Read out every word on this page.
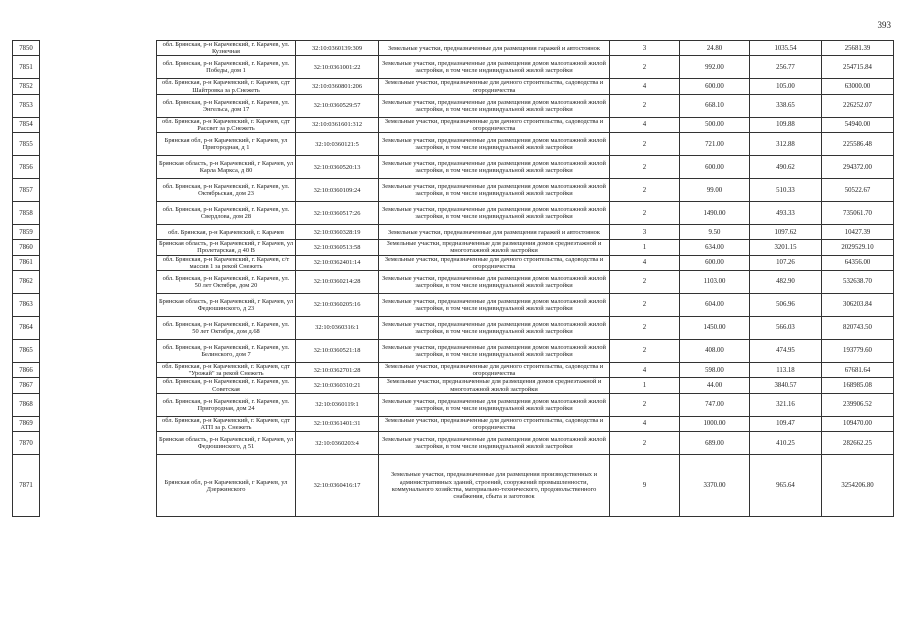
393
7850		обл. Брянская, р-н Карачевский, г. Карачев, ул. Кузнечная	32:10:0360139:309	Земельные участки, предназначенные для размещения гаражей и автостоянок	3	24.80	1035.54	25681.39
7851		обл. Брянская, р-н Карачевский, г. Карачев, ул. Победы, дом 1	32:10:0361001:22	Земельные участки, предназначенные для размещения домов малоэтажной жилой застройки, в том числе индивидуальной жилой застройки	2	992.00	256.77	254715.84
7852		обл. Брянская, р-н Карачевский, г. Карачев, сдт Шайтровка за р.Снежеть	32:10:0360801:206	Земельные участки, предназначенные для дачного строительства, садоводства и огородничества	4	600.00	105.00	63000.00
7853		обл. Брянская, р-н Карачевский, г. Карачев, ул. Энгельса, дом 17	32:10:0360529:57	Земельные участки, предназначенные для размещения домов малоэтажной жилой застройки, в том числе индивидуальной жилой застройки	2	668.10	338.65	226252.07
7854		обл. Брянская, р-н Карачевский, г. Карачев, сдт Рассвет за р.Снежеть	32:10:0361601:312	Земельные участки, предназначенные для дачного строительства, садоводства и огородничества	4	500.00	109.88	54940.00
7855		Брянская обл, р-н Карачевский, г Карачев, ул Пригородная, д 1	32:10:0360121:5	Земельные участки, предназначенные для размещения домов малоэтажной жилой застройки, в том числе индивидуальной жилой застройки	2	721.00	312.88	225586.48
7856		Брянская область, р-н Карачевский, г Карачев, ул Карла Маркса, д 80	32:10:0360520:13	Земельные участки, предназначенные для размещения домов малоэтажной жилой застройки, в том числе индивидуальной жилой застройки	2	600.00	490.62	294372.00
7857		обл. Брянская, р-н Карачевский, г. Карачев, ул. Октябрьская, дом 23	32:10:0360109:24	Земельные участки, предназначенные для размещения домов малоэтажной жилой застройки, в том числе индивидуальной жилой застройки	2	99.00	510.33	50522.67
7858		обл. Брянская, р-н Карачевский, г. Карачев, ул. Свердлова, дом 28	32:10:0360517:26	Земельные участки, предназначенные для размещения домов малоэтажной жилой застройки, в том числе индивидуальной жилой застройки	2	1490.00	493.33	735061.70
7859		обл. Брянская, р-н Карачевский, г. Карачев	32:10:0360328:19	Земельные участки, предназначенные для размещения гаражей и автостоянок	3	9.50	1097.62	10427.39
7860		Брянская область, р-н Карачевский, г Карачев, ул Пролетарская, д 40 В	32:10:0360513:58	Земельные участки, предназначенные для размещения домов среднеэтажной и многоэтажной жилой застройки	1	634.00	3201.15	2029529.10
7861		обл. Брянская, р-н Карачевский, г. Карачев, с/т массив 1 за рекой Снежеть	32:10:0362401:14	Земельные участки, предназначенные для дачного строительства, садоводства и огородничества	4	600.00	107.26	64356.00
7862		обл. Брянская, р-н Карачевский, г. Карачев, ул. 50 лет Октября, дом 20	32:10:0360214:28	Земельные участки, предназначенные для размещения домов малоэтажной жилой застройки, в том числе индивидуальной жилой застройки	2	1103.00	482.90	532638.70
7863		Брянская область, р-н Карачевский, г Карачев, ул Федюшинского, д 23	32:10:0360205:16	Земельные участки, предназначенные для размещения домов малоэтажной жилой застройки, в том числе индивидуальной жилой застройки	2	604.00	506.96	306203.84
7864		обл. Брянская, р-н Карачевский, г. Карачев, ул. 50 лет Октября, дом д.68	32:10:0360316:1	Земельные участки, предназначенные для размещения домов малоэтажной жилой застройки, в том числе индивидуальной жилой застройки	2	1450.00	566.03	820743.50
7865		обл. Брянская, р-н Карачевский, г. Карачев, ул. Белинского, дом 7	32:10:0360521:18	Земельные участки, предназначенные для размещения домов малоэтажной жилой застройки, в том числе индивидуальной жилой застройки	2	408.00	474.95	193779.60
7866		обл. Брянская, р-н Карачевский, г. Карачев, сдт "Урожай" за рекой Снежеть	32:10:0362701:28	Земельные участки, предназначенные для дачного строительства, садоводства и огородничества	4	598.00	113.18	67681.64
7867		обл. Брянская, р-н Карачевский, г. Карачев, ул. Советская	32:10:0360310:21	Земельные участки, предназначенные для размещения домов среднеэтажной и многоэтажной жилой застройки	1	44.00	3840.57	168985.08
7868		обл. Брянская, р-н Карачевский, г. Карачев, ул. Пригородная, дом 24	32:10:0360119:1	Земельные участки, предназначенные для размещения домов малоэтажной жилой застройки, в том числе индивидуальной жилой застройки	2	747.00	321.16	239906.52
7869		обл. Брянская, р-н Карачевский, г. Карачев, сдт АТП за р. Снежеть	32:10:0361401:31	Земельные участки, предназначенные для дачного строительства, садоводства и огородничества	4	1000.00	109.47	109470.00
7870		Брянская область, р-н Карачевский, г Карачев, ул Федюшинского, д 51	32:10:0360203:4	Земельные участки, предназначенные для размещения домов малоэтажной жилой застройки, в том числе индивидуальной жилой застройки	2	689.00	410.25	282662.25
7871		Брянская обл, р-н Карачевский, г Карачев, ул Дзержинского	32:10:0360416:17	Земельные участки, предназначенные для размещения производственных и административных зданий, строений, сооружений промышленности, коммунального хозяйства, материально-технического, продовольственного снабжения, сбыта и заготовок	9	3370.00	965.64	3254206.80
